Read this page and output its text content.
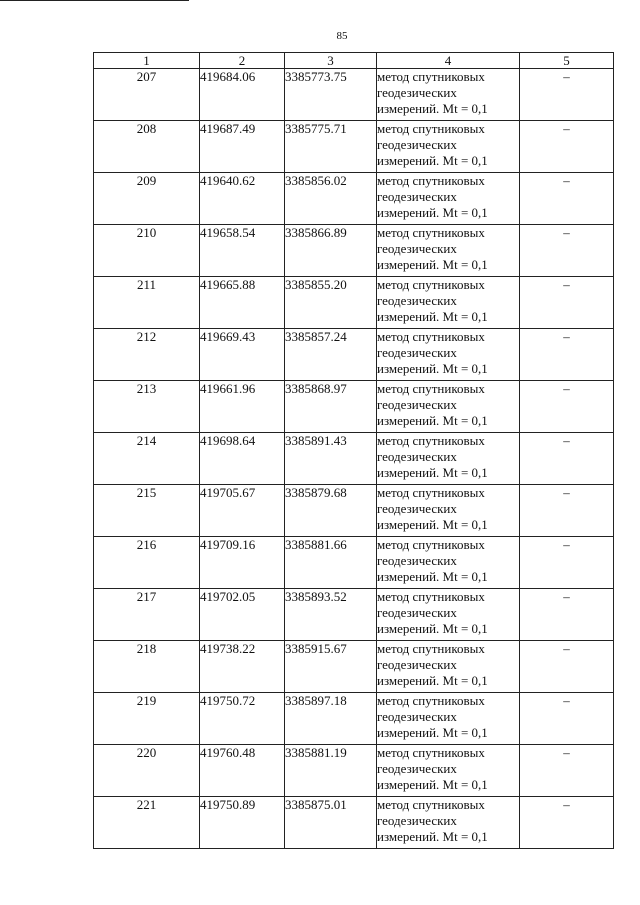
85
1	2	3	4	5
207	419684.06	3385773.75	метод спутниковых
геодезических
измерений. Mt = 0,1	–
208	419687.49	3385775.71	метод спутниковых
геодезических
измерений. Mt = 0,1	–
209	419640.62	3385856.02	метод спутниковых
геодезических
измерений. Mt = 0,1	–
210	419658.54	3385866.89	метод спутниковых
геодезических
измерений. Mt = 0,1	–
211	419665.88	3385855.20	метод спутниковых
геодезических
измерений. Mt = 0,1	–
212	419669.43	3385857.24	метод спутниковых
геодезических
измерений. Mt = 0,1	–
213	419661.96	3385868.97	метод спутниковых
геодезических
измерений. Mt = 0,1	–
214	419698.64	3385891.43	метод спутниковых
геодезических
измерений. Mt = 0,1	–
215	419705.67	3385879.68	метод спутниковых
геодезических
измерений. Mt = 0,1	–
216	419709.16	3385881.66	метод спутниковых
геодезических
измерений. Mt = 0,1	–
217	419702.05	3385893.52	метод спутниковых
геодезических
измерений. Mt = 0,1	–
218	419738.22	3385915.67	метод спутниковых
геодезических
измерений. Mt = 0,1	–
219	419750.72	3385897.18	метод спутниковых
геодезических
измерений. Mt = 0,1	–
220	419760.48	3385881.19	метод спутниковых
геодезических
измерений. Mt = 0,1	–
221	419750.89	3385875.01	метод спутниковых
геодезических
измерений. Mt = 0,1	–
